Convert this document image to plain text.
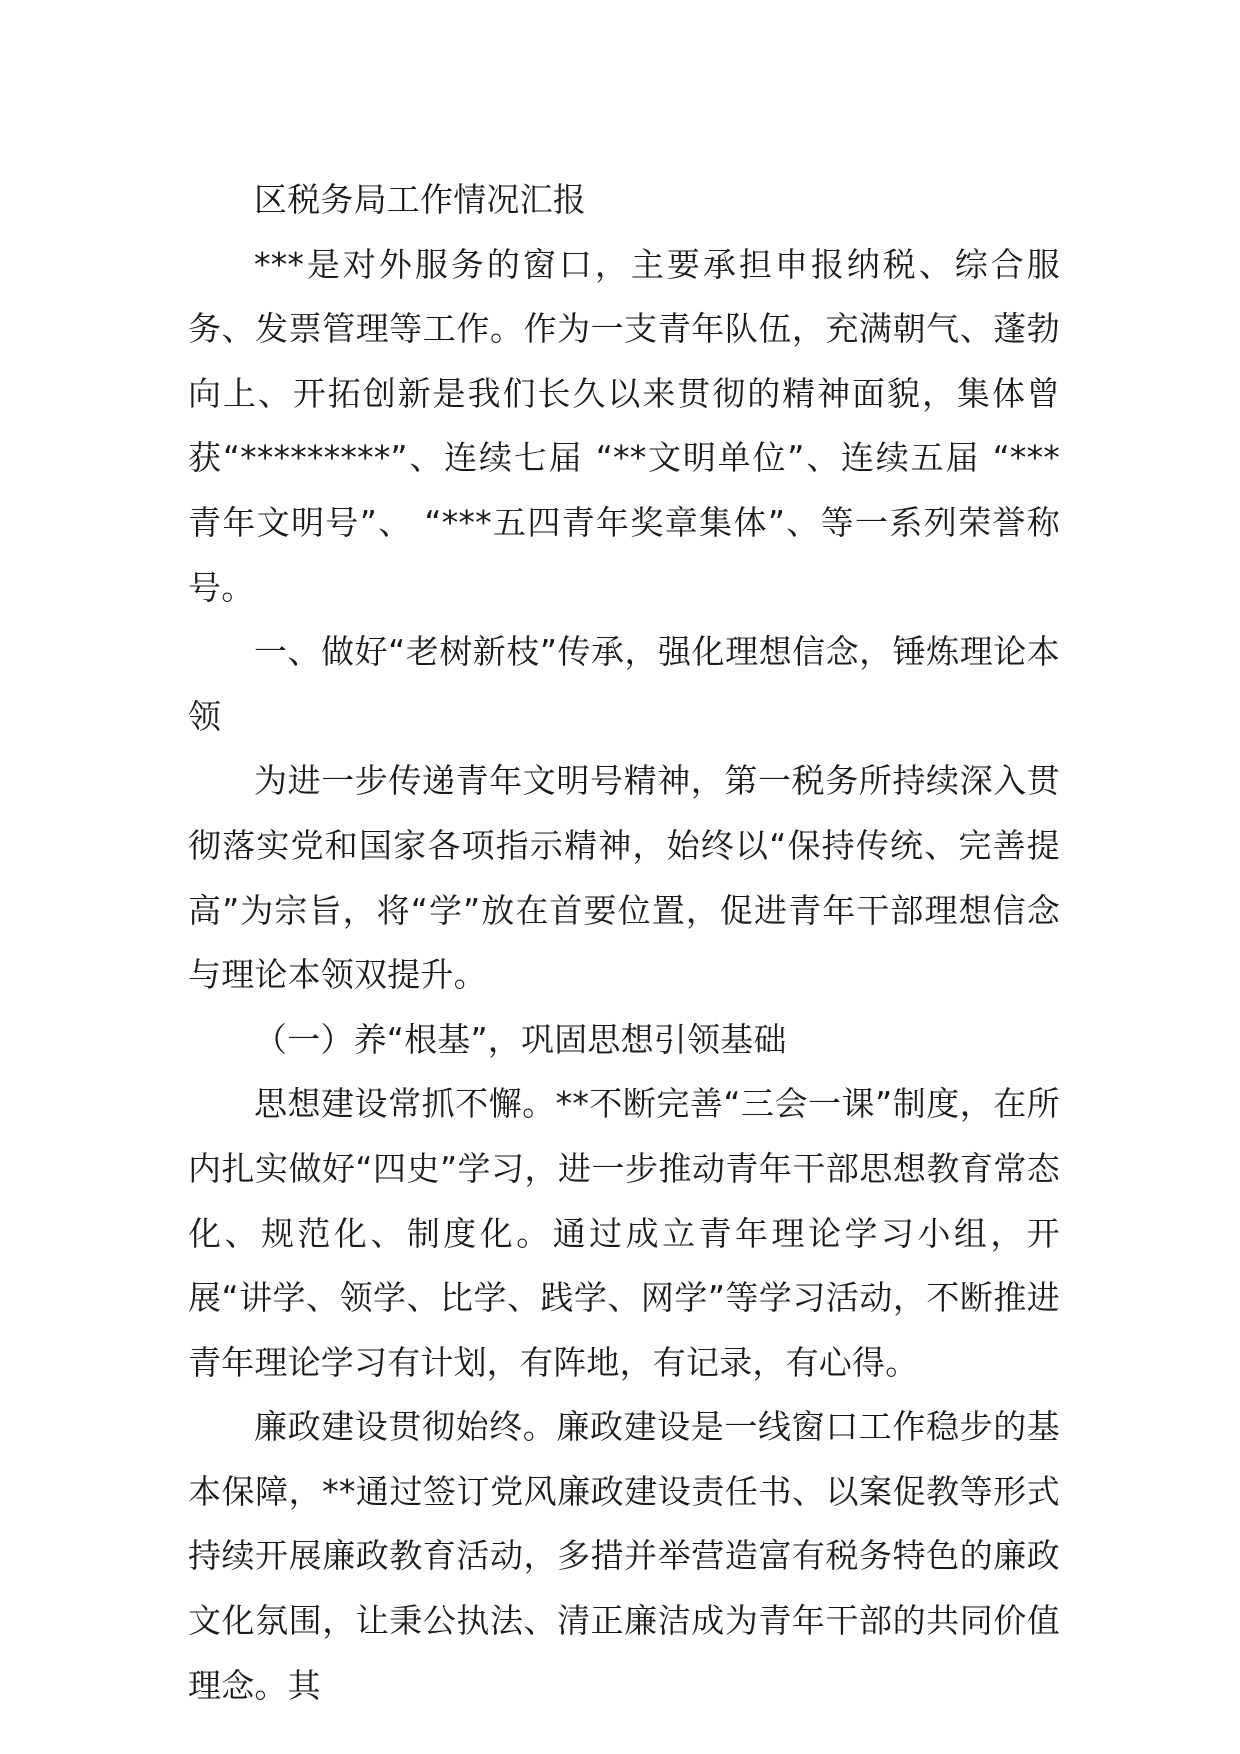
区税务局工作情况汇报

***是对外服务的窗口，主要承担申报纳税、综合服务、发票管理等工作。作为一支青年队伍，充满朝气、蓬勃向上、开拓创新是我们长久以来贯彻的精神面貌，集体曾获“*********”、连续七届 “**文明单位”、连续五届 “***青年文明号”、 “***五四青年奖章集体”、等一系列荣誉称号。

一、做好“老树新枝”传承，强化理想信念，锤炼理论本领

为进一步传递青年文明号精神，第一税务所持续深入贯彻落实党和国家各项指示精神，始终以“保持传统、完善提高”为宗旨，将“学”放在首要位置，促进青年干部理想信念与理论本领双提升。

（一）养“根基”，巩固思想引领基础

思想建设常抓不懈。**不断完善“三会一课”制度，在所内扎实做好“四史”学习，进一步推动青年干部思想教育常态化、规范化、制度化。通过成立青年理论学习小组，开展“讲学、领学、比学、践学、网学”等学习活动，不断推进青年理论学习有计划，有阵地，有记录，有心得。

廉政建设贯彻始终。廉政建设是一线窗口工作稳步的基本保障，**通过签订党风廉政建设责任书、以案促教等形式持续开展廉政教育活动，多措并举营造富有税务特色的廉政文化氛围，让秉公执法、清正廉洁成为青年干部的共同价值理念。其
